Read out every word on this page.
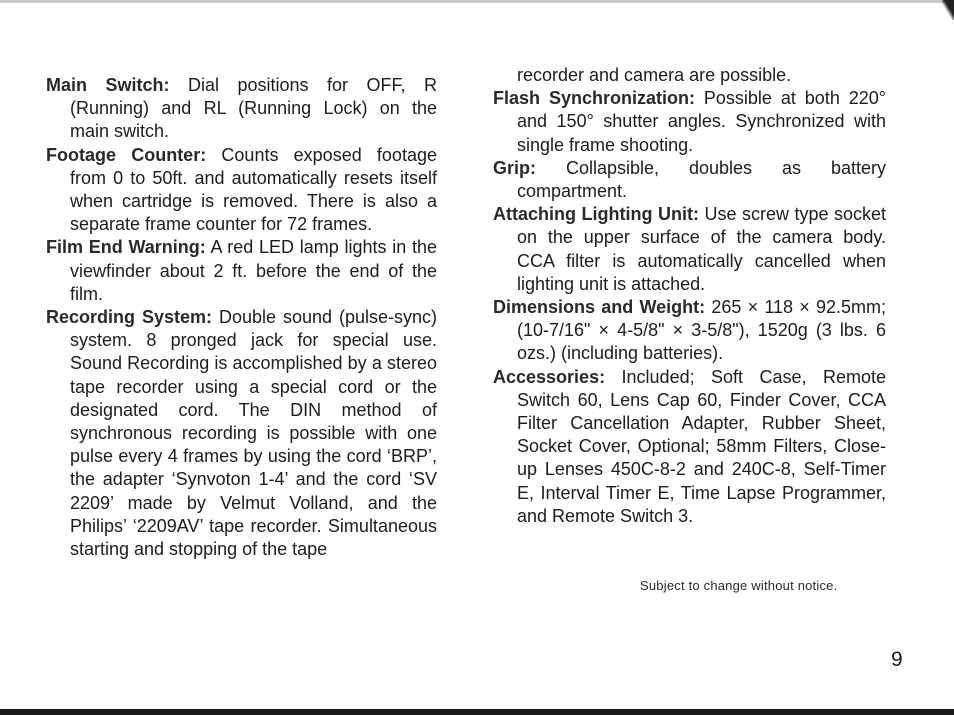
Main Switch: Dial positions for OFF, R (Running) and RL (Running Lock) on the main switch.

Footage Counter: Counts exposed footage from 0 to 50ft. and automatically resets itself when cartridge is removed. There is also a separate frame counter for 72 frames.

Film End Warning: A red LED lamp lights in the viewfinder about 2 ft. before the end of the film.

Recording System: Double sound (pulse-sync) system. 8 pronged jack for special use. Sound Recording is accomplished by a stereo tape recorder using a special cord or the designated cord. The DIN method of synchronous recording is possible with one pulse every 4 frames by using the cord ‘BRP’, the adapter ‘Synvoton 1-4’ and the cord ‘SV 2209’ made by Velmut Volland, and the Philips’ ‘2209AV’ tape recorder. Simultaneous starting and stopping of the tape

recorder and camera are possible.

Flash Synchronization: Possible at both 220° and 150° shutter angles. Synchronized with single frame shooting.

Grip: Collapsible, doubles as battery compartment.

Attaching Lighting Unit: Use screw type socket on the upper surface of the camera body. CCA filter is automatically cancelled when lighting unit is attached.

Dimensions and Weight: 265 × 118 × 92.5mm; (10-7/16" × 4-5/8" × 3-5/8"), 1520g (3 lbs. 6 ozs.) (including batteries).

Accessories: Included; Soft Case, Remote Switch 60, Lens Cap 60, Finder Cover, CCA Filter Cancellation Adapter, Rubber Sheet, Socket Cover, Optional; 58mm Filters, Close-up Lenses 450C-8-2 and 240C-8, Self-Timer E, Interval Timer E, Time Lapse Programmer, and Remote Switch 3.

Subject to change without notice.
9
